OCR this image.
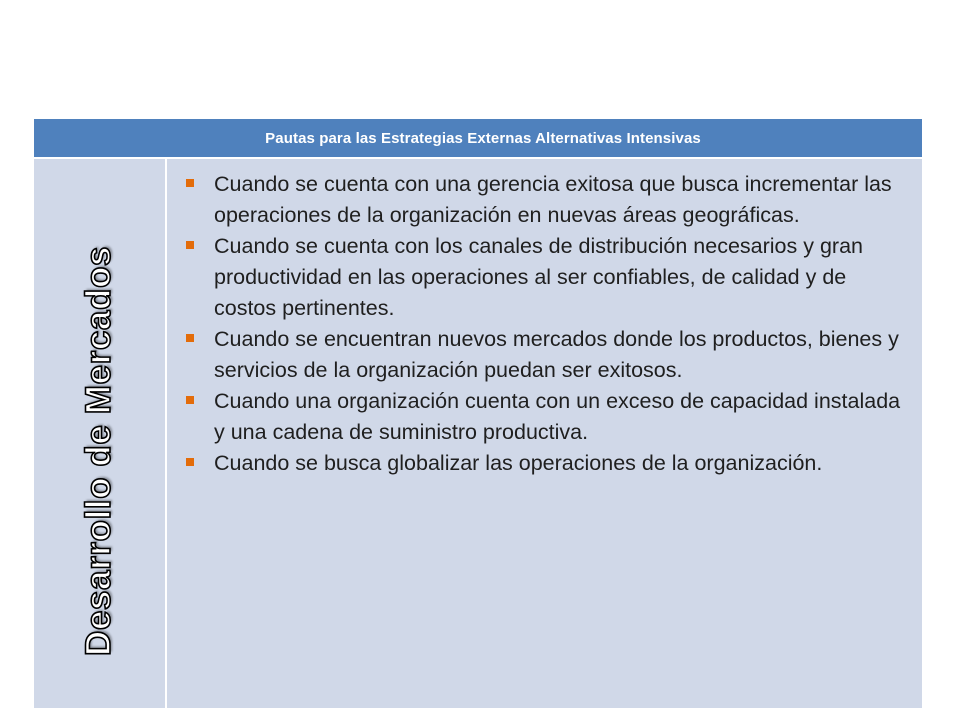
Pautas para las Estrategias Externas Alternativas Intensivas
Desarrollo de Mercados
Cuando se cuenta con una gerencia exitosa que busca incrementar las operaciones de la organización en nuevas áreas geográficas.
Cuando se cuenta con los canales de distribución necesarios y gran productividad en las operaciones al ser confiables, de calidad y de costos pertinentes.
Cuando se encuentran nuevos mercados donde los productos, bienes y servicios de la organización puedan ser exitosos.
Cuando una organización cuenta con un exceso de capacidad instalada y una cadena de suministro productiva.
Cuando se busca globalizar las operaciones de la organización.
